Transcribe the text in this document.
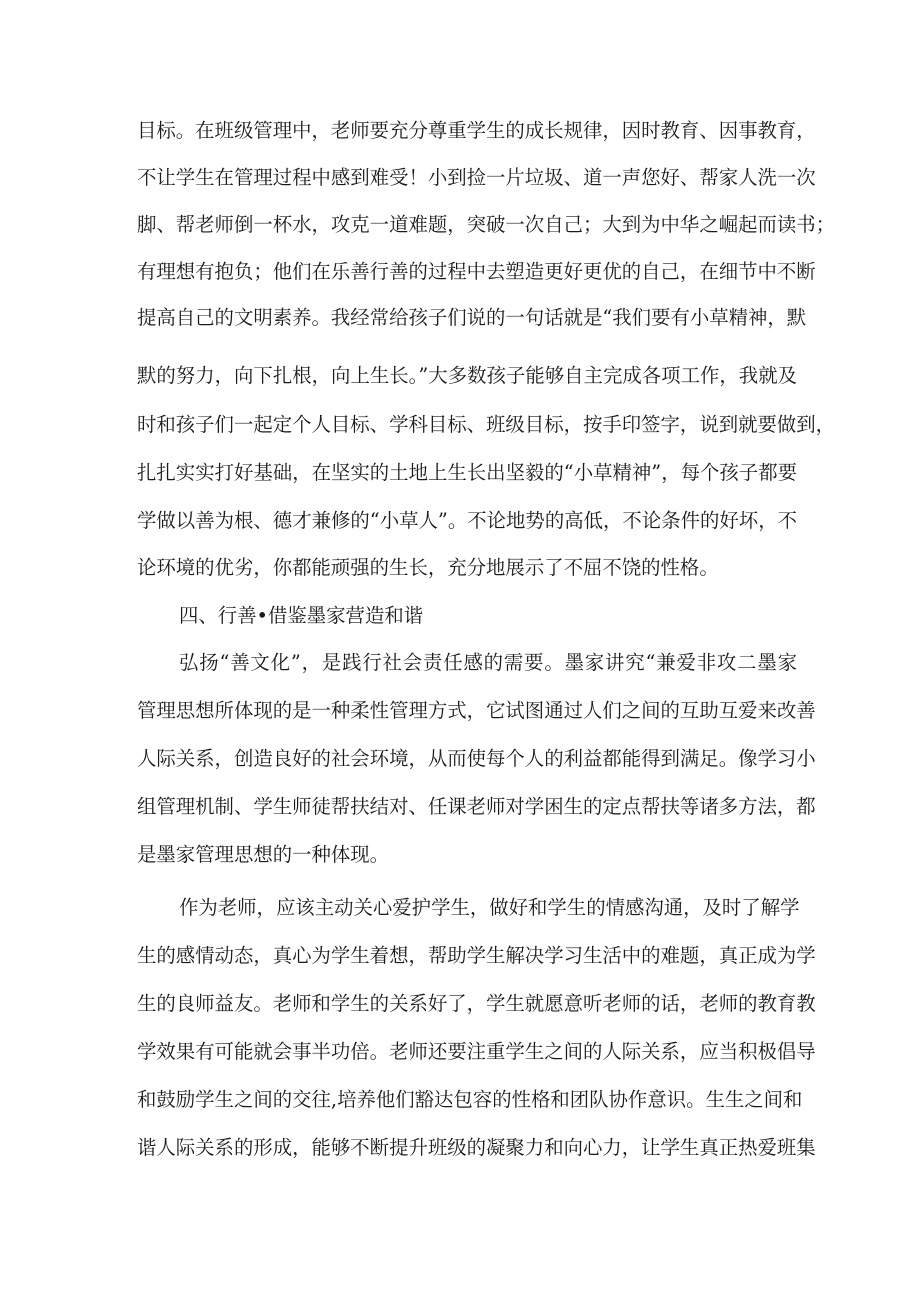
目标。在班级管理中，老师要充分尊重学生的成长规律，因时教育、因事教育，

不让学生在管理过程中感到难受！小到捡一片垃圾、道一声您好、帮家人洗一次

脚、帮老师倒一杯水，攻克一道难题，突破一次自己；大到为中华之崛起而读书；

有理想有抱负；他们在乐善行善的过程中去塑造更好更优的自己，在细节中不断

提高自己的文明素养。我经常给孩子们说的一句话就是“我们要有小草精神，默

默的努力，向下扎根，向上生长。”大多数孩子能够自主完成各项工作，我就及

时和孩子们一起定个人目标、学科目标、班级目标，按手印签字，说到就要做到，

扎扎实实打好基础，在坚实的土地上生长出坚毅的“小草精神”，每个孩子都要

学做以善为根、德才兼修的“小草人”。不论地势的高低，不论条件的好坏，不

论环境的优劣，你都能顽强的生长，充分地展示了不屈不饶的性格。

四、行善•借鉴墨家营造和谐

弘扬“善文化”，是践行社会责任感的需要。墨家讲究“兼爱非攻二墨家

管理思想所体现的是一种柔性管理方式，它试图通过人们之间的互助互爱来改善

人际关系，创造良好的社会环境，从而使每个人的利益都能得到满足。像学习小

组管理机制、学生师徒帮扶结对、任课老师对学困生的定点帮扶等诸多方法，都

是墨家管理思想的一种体现。

作为老师，应该主动关心爱护学生，做好和学生的情感沟通，及时了解学

生的感情动态，真心为学生着想，帮助学生解决学习生活中的难题，真正成为学

生的良师益友。老师和学生的关系好了，学生就愿意听老师的话，老师的教育教

学效果有可能就会事半功倍。老师还要注重学生之间的人际关系，应当积极倡导

和鼓励学生之间的交往,培养他们豁达包容的性格和团队协作意识。生生之间和

谐人际关系的形成，能够不断提升班级的凝聚力和向心力，让学生真正热爱班集
